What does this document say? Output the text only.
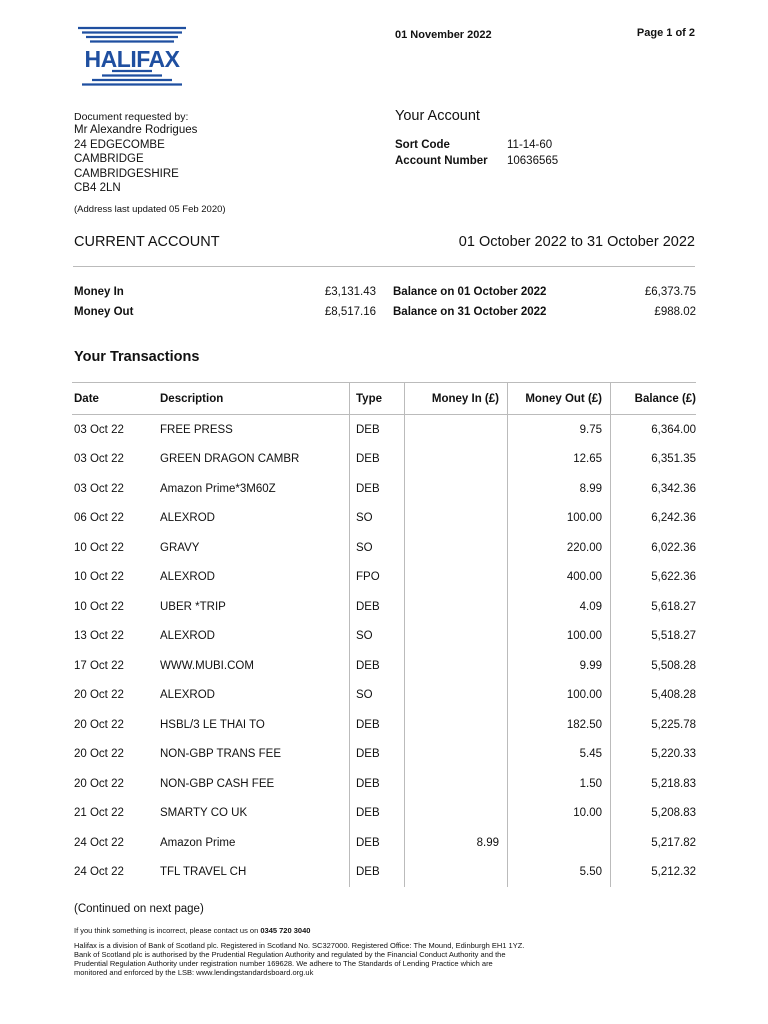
HALIFAX
01 November 2022	Page 1 of 2
Document requested by:
Mr Alexandre Rodrigues
24 EDGECOMBE
CAMBRIDGE
CAMBRIDGESHIRE
CB4 2LN
(Address last updated 05 Feb 2020)
Your Account
Sort Code	11-14-60
Account Number	10636565
CURRENT ACCOUNT	01 October 2022 to 31 October 2022
Money In	£3,131.43 Balance on 01 October 2022	£6,373.75
Money Out	£8,517.16 Balance on 31 October 2022	£988.02
Your Transactions
Date	Description	Type	Money In (£)	Money Out (£)	Balance (£)
03 Oct 22	FREE PRESS	DEB		9.75	6,364.00
03 Oct 22	GREEN DRAGON CAMBR	DEB		12.65	6,351.35
03 Oct 22	Amazon Prime*3M60Z	DEB		8.99	6,342.36
06 Oct 22	ALEXROD	SO		100.00	6,242.36
10 Oct 22	GRAVY	SO		220.00	6,022.36
10 Oct 22	ALEXROD	FPO		400.00	5,622.36
10 Oct 22	UBER *TRIP	DEB		4.09	5,618.27
13 Oct 22	ALEXROD	SO		100.00	5,518.27
17 Oct 22	WWW.MUBI.COM	DEB		9.99	5,508.28
20 Oct 22	ALEXROD	SO		100.00	5,408.28
20 Oct 22	HSBL/3 LE THAI TO	DEB		182.50	5,225.78
20 Oct 22	NON-GBP TRANS FEE	DEB		5.45	5,220.33
20 Oct 22	NON-GBP CASH FEE	DEB		1.50	5,218.83
21 Oct 22	SMARTY CO UK	DEB		10.00	5,208.83
24 Oct 22	Amazon Prime	DEB	8.99		5,217.82
24 Oct 22	TFL TRAVEL CH	DEB		5.50	5,212.32
(Continued on next page)
If you think something is incorrect, please contact us on 0345 720 3040
Halifax is a division of Bank of Scotland plc. Registered in Scotland No. SC327000. Registered Office: The Mound, Edinburgh EH1 1YZ.
Bank of Scotland plc is authorised by the Prudential Regulation Authority and regulated by the Financial Conduct Authority and the
Prudential Regulation Authority under registration number 169628. We adhere to The Standards of Lending Practice which are
monitored and enforced by the LSB: www.lendingstandardsboard.org.uk
